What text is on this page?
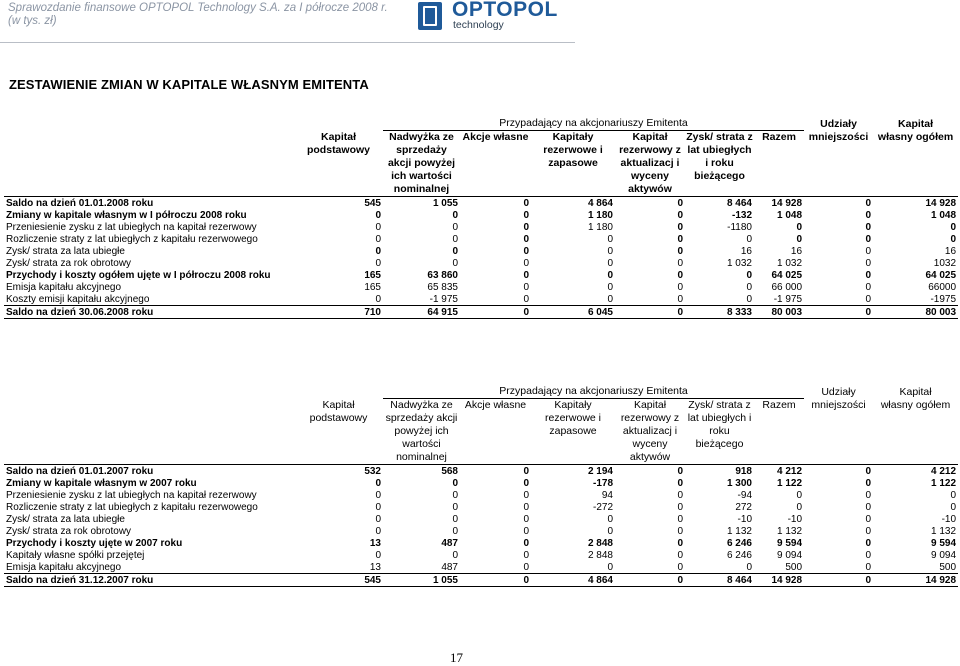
Sprawozdanie finansowe OPTOPOL Technology S.A. za I półrocze 2008 r.
(w tys. zł)	OPTOPOL
technology
ZESTAWIENIE ZMIAN W KAPITALE WŁASNYM EMITENTA
		Przypadający na akcjonariuszy Emitenta						Udziały	Kapitał
	Kapitał podstawowy	Nadwyżka ze sprzedaży akcji powyżej ich wartości nominalnej	Akcje własne	Kapitały rezerwowe i zapasowe	Kapitał rezerwowy z aktualizacj i wyceny aktywów	Zysk/ strata z lat ubiegłych i roku bieżącego	Razem	mniejszości	własny ogółem
Saldo na dzień 01.01.2008 roku	545	1 055	0	4 864	0	8 464	14 928	0	14 928
Zmiany w kapitale własnym w I półroczu 2008 roku	0	0	0	1 180	0	-132	1 048	0	1 048
Przeniesienie zysku z lat ubiegłych na kapitał rezerwowy	0	0	0	1 180	0	-1180	0	0	0
Rozliczenie straty z lat ubiegłych z kapitału rezerwowego	0	0	0	0	0	0	0	0	0
Zysk/ strata za lata ubiegłe	0	0	0	0	0	16	16	0	16
Zysk/ strata za rok obrotowy	0	0	0	0	0	1 032	1 032	0	1032
Przychody i koszty ogółem ujęte w I półroczu 2008 roku	165	63 860	0	0	0	0	64 025	0	64 025
Emisja kapitału akcyjnego	165	65 835	0	0	0	0	66 000	0	66000
Koszty emisji kapitału akcyjnego	0	-1 975	0	0	0	0	-1 975	0	-1975
Saldo na dzień 30.06.2008 roku	710	64 915	0	6 045	0	8 333	80 003	0	80 003
		Przypadający na akcjonariuszy Emitenta						Udziały	Kapitał
	Kapitał podstawowy	Nadwyżka ze sprzedaży akcji powyżej ich wartości nominalnej	Akcje własne	Kapitały rezerwowe i zapasowe	Kapitał rezerwowy z aktualizacj i wyceny aktywów	Zysk/ strata z lat ubiegłych i roku bieżącego	Razem	mniejszości	własny ogółem
Saldo na dzień 01.01.2007 roku	532	568	0	2 194	0	918	4 212	0	4 212
Zmiany w kapitale własnym w 2007 roku	0	0	0	-178	0	1 300	1 122	0	1 122
Przeniesienie zysku z lat ubiegłych na kapitał rezerwowy	0	0	0	94	0	-94	0	0	0
Rozliczenie straty z lat ubiegłych z kapitału rezerwowego	0	0	0	-272	0	272	0	0	0
Zysk/ strata za lata ubiegłe	0	0	0	0	0	-10	-10	0	-10
Zysk/ strata za rok obrotowy	0	0	0	0	0	1 132	1 132	0	1 132
Przychody i koszty ujęte w 2007 roku	13	487	0	2 848	0	6 246	9 594	0	9 594
Kapitały własne spółki przejętej	0	0	0	2 848	0	6 246	9 094	0	9 094
Emisja kapitału akcyjnego	13	487	0	0	0	0	500	0	500
Saldo na dzień 31.12.2007 roku	545	1 055	0	4 864	0	8 464	14 928	0	14 928
17
